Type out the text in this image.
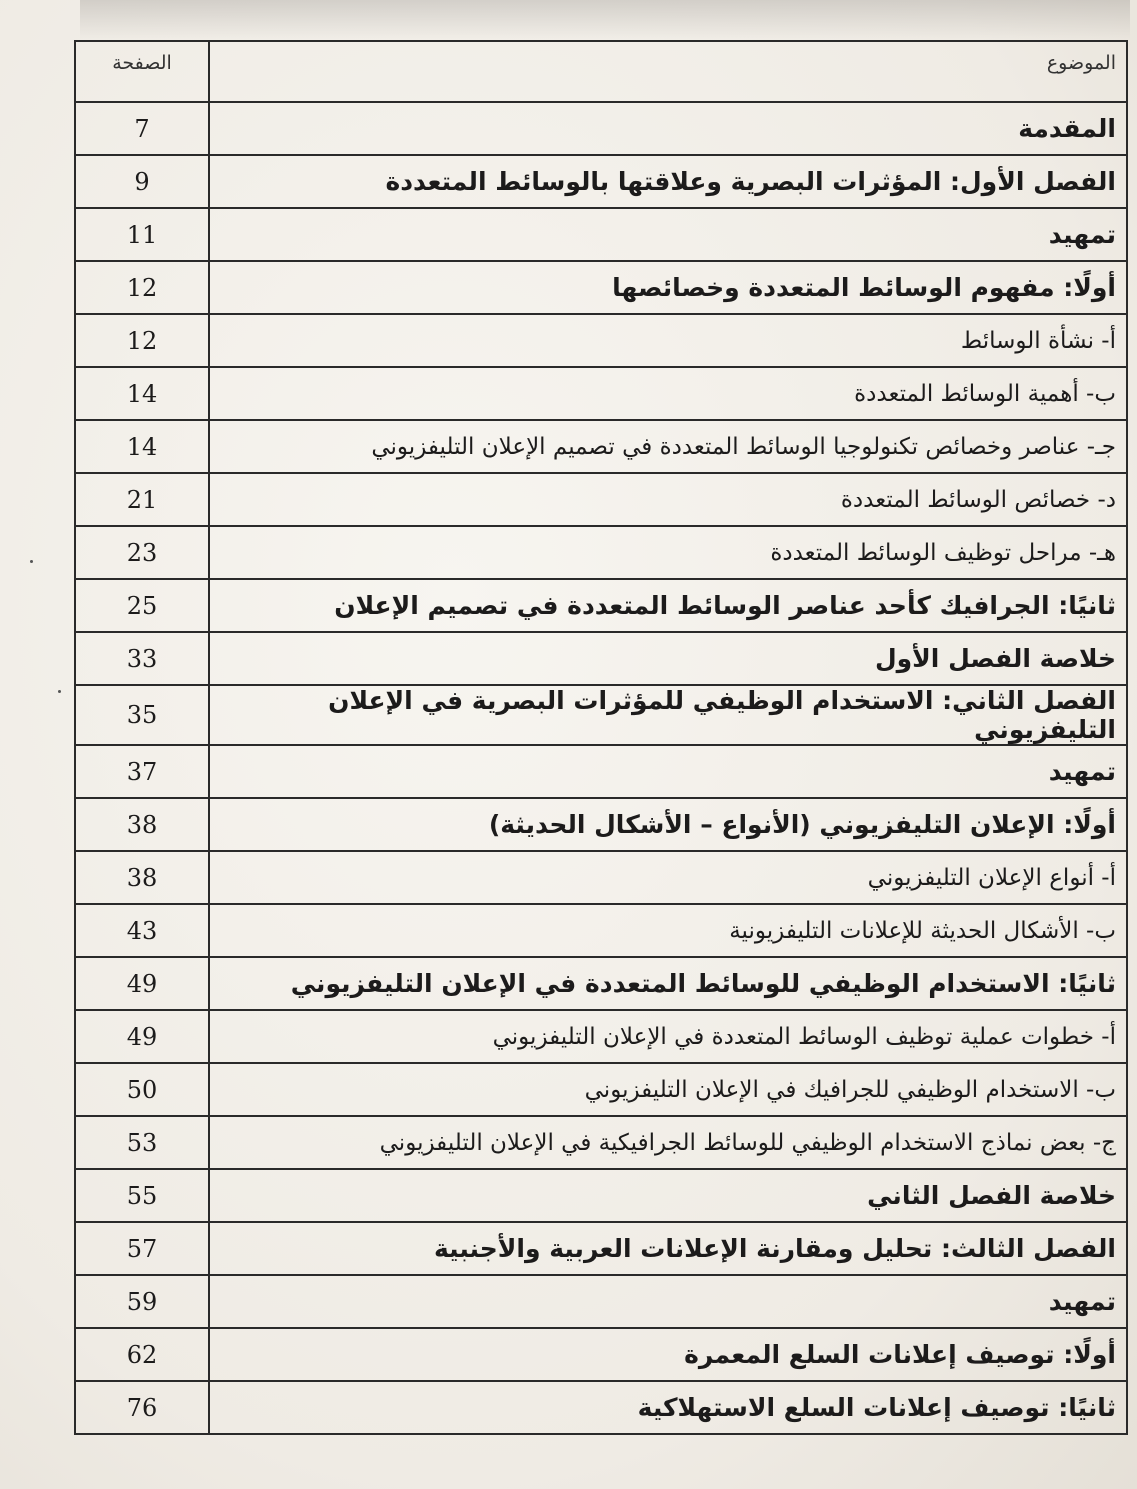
الموضوع	الصفحة
المقدمة	7
الفصل الأول: المؤثرات البصرية وعلاقتها بالوسائط المتعددة	9
تمهيد	11
أولًا: مفهوم الوسائط المتعددة وخصائصها	12
أ- نشأة الوسائط	12
ب- أهمية الوسائط المتعددة	14
جـ- عناصر وخصائص تكنولوجيا الوسائط المتعددة في تصميم الإعلان التليفزيوني	14
د- خصائص الوسائط المتعددة	21
هـ- مراحل توظيف الوسائط المتعددة	23
ثانيًا: الجرافيك كأحد عناصر الوسائط المتعددة في تصميم الإعلان	25
خلاصة الفصل الأول	33
الفصل الثاني: الاستخدام الوظيفي للمؤثرات البصرية في الإعلان التليفزيوني	35
تمهيد	37
أولًا: الإعلان التليفزيوني (الأنواع – الأشكال الحديثة)	38
أ- أنواع الإعلان التليفزيوني	38
ب- الأشكال الحديثة للإعلانات التليفزيونية	43
ثانيًا: الاستخدام الوظيفي للوسائط المتعددة في الإعلان التليفزيوني	49
أ- خطوات عملية توظيف الوسائط المتعددة في الإعلان التليفزيوني	49
ب- الاستخدام الوظيفي للجرافيك في الإعلان التليفزيوني	50
ج- بعض نماذج الاستخدام الوظيفي للوسائط الجرافيكية في الإعلان التليفزيوني	53
خلاصة الفصل الثاني	55
الفصل الثالث: تحليل ومقارنة الإعلانات العربية والأجنبية	57
تمهيد	59
أولًا: توصيف إعلانات السلع المعمرة	62
ثانيًا: توصيف إعلانات السلع الاستهلاكية	76
